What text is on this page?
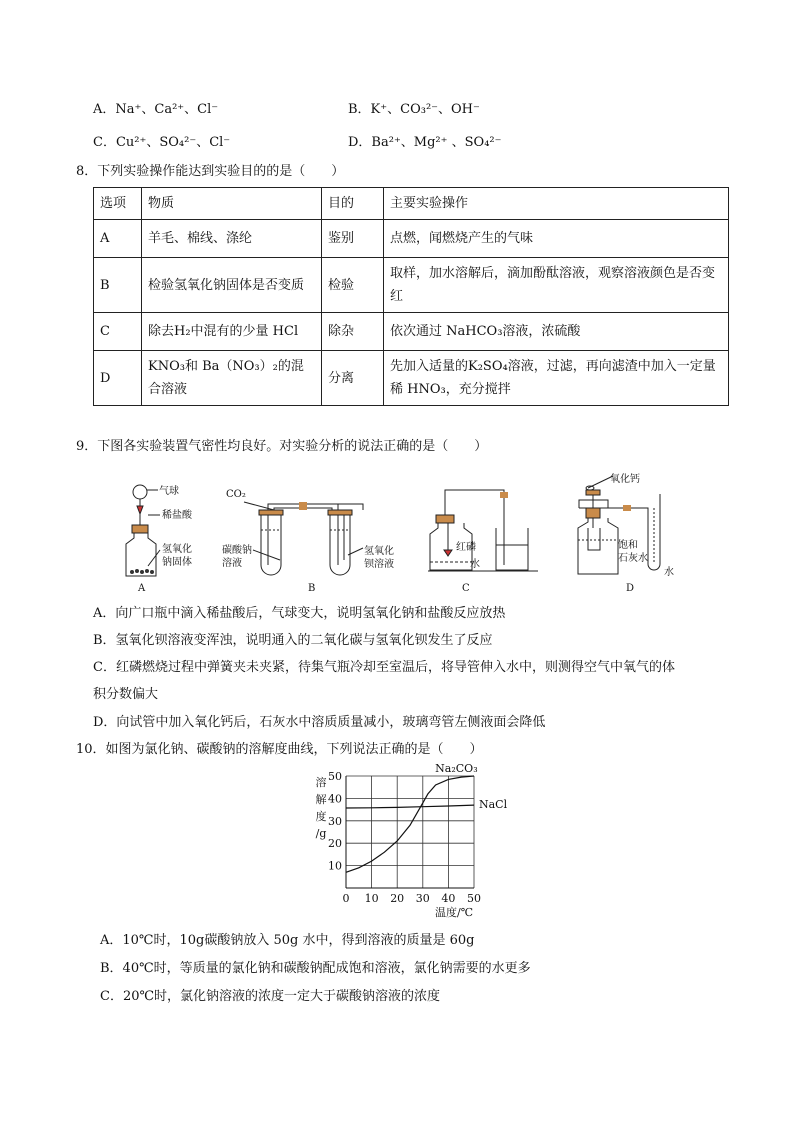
A．Na⁺、Ca²⁺、Cl⁻	B．K⁺、CO₃²⁻、OH⁻
C．Cu²⁺、SO₄²⁻、Cl⁻	D．Ba²⁺、Mg²⁺ 、SO₄²⁻
8．下列实验操作能达到实验目的的是（　　）
选项	物质	目的	主要实验操作
A	羊毛、棉线、涤纶	鉴别	点燃，闻燃烧产生的气味
B	检验氢氧化钠固体是否变质	检验	取样，加水溶解后，滴加酚酞溶液，观察溶液颜色是否变红
C	除去H₂中混有的少量 HCl	除杂	依次通过 NaHCO₃溶液，浓硫酸
D	KNO₃和 Ba（NO₃）₂的混合溶液	分离	先加入适量的K₂SO₄溶液，过滤，再向滤渣中加入一定量稀 HNO₃，充分搅拌
9．下图各实验装置气密性均良好。对实验分析的说法正确的是（　　）
气球
稀盐酸
氢氧化
钠固体
A
CO₂
碳酸钠
溶液
氢氧化
钡溶液
B
红磷
水
C
氧化钙
饱和
石灰水
水
D
A．向广口瓶中滴入稀盐酸后，气球变大，说明氢氧化钠和盐酸反应放热
B．氢氧化钡溶液变浑浊，说明通入的二氧化碳与氢氧化钡发生了反应
C．红磷燃烧过程中弹簧夹未夹紧，待集气瓶冷却至室温后，将导管伸入水中，则测得空气中氧气的体
积分数偏大
D．向试管中加入氧化钙后，石灰水中溶质质量减小，玻璃弯管左侧液面会降低
10．如图为氯化钠、碳酸钠的溶解度曲线，下列说法正确的是（　　）
0 10 20 30 40 50
10
20
30
40
50
溶
解
度
/g
温度/℃
Na₂CO₃
NaCl
A．10℃时，10g碳酸钠放入 50g 水中，得到溶液的质量是 60g
B．40℃时，等质量的氯化钠和碳酸钠配成饱和溶液，氯化钠需要的水更多
C．20℃时，氯化钠溶液的浓度一定大于碳酸钠溶液的浓度
